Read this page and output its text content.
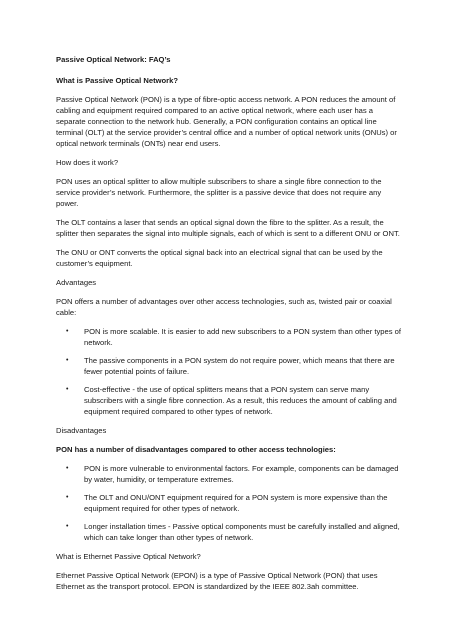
Passive Optical Network: FAQ’s

What is Passive Optical Network?

Passive Optical Network (PON) is a type of fibre-optic access network. A PON reduces the amount of cabling and equipment required compared to an active optical network, where each user has a separate connection to the network hub. Generally, a PON configuration contains an optical line terminal (OLT) at the service provider’s central office and a number of optical network units (ONUs) or optical network terminals (ONTs) near end users.

How does it work?

PON uses an optical splitter to allow multiple subscribers to share a single fibre connection to the service provider’s network. Furthermore, the splitter is a passive device that does not require any power.

The OLT contains a laser that sends an optical signal down the fibre to the splitter. As a result, the splitter then separates the signal into multiple signals, each of which is sent to a different ONU or ONT.

The ONU or ONT converts the optical signal back into an electrical signal that can be used by the customer’s equipment.

Advantages

PON offers a number of advantages over other access technologies, such as, twisted pair or coaxial cable:

• PON is more scalable. It is easier to add new subscribers to a PON system than other types of network.
• The passive components in a PON system do not require power, which means that there are fewer potential points of failure.
• Cost-effective - the use of optical splitters means that a PON system can serve many subscribers with a single fibre connection. As a result, this reduces the amount of cabling and equipment required compared to other types of network.

Disadvantages

PON has a number of disadvantages compared to other access technologies:

• PON is more vulnerable to environmental factors. For example, components can be damaged by water, humidity, or temperature extremes.
• The OLT and ONU/ONT equipment required for a PON system is more expensive than the equipment required for other types of network.
• Longer installation times - Passive optical components must be carefully installed and aligned, which can take longer than other types of network.

What is Ethernet Passive Optical Network?

Ethernet Passive Optical Network (EPON) is a type of Passive Optical Network (PON) that uses Ethernet as the transport protocol. EPON is standardized by the IEEE 802.3ah committee.
